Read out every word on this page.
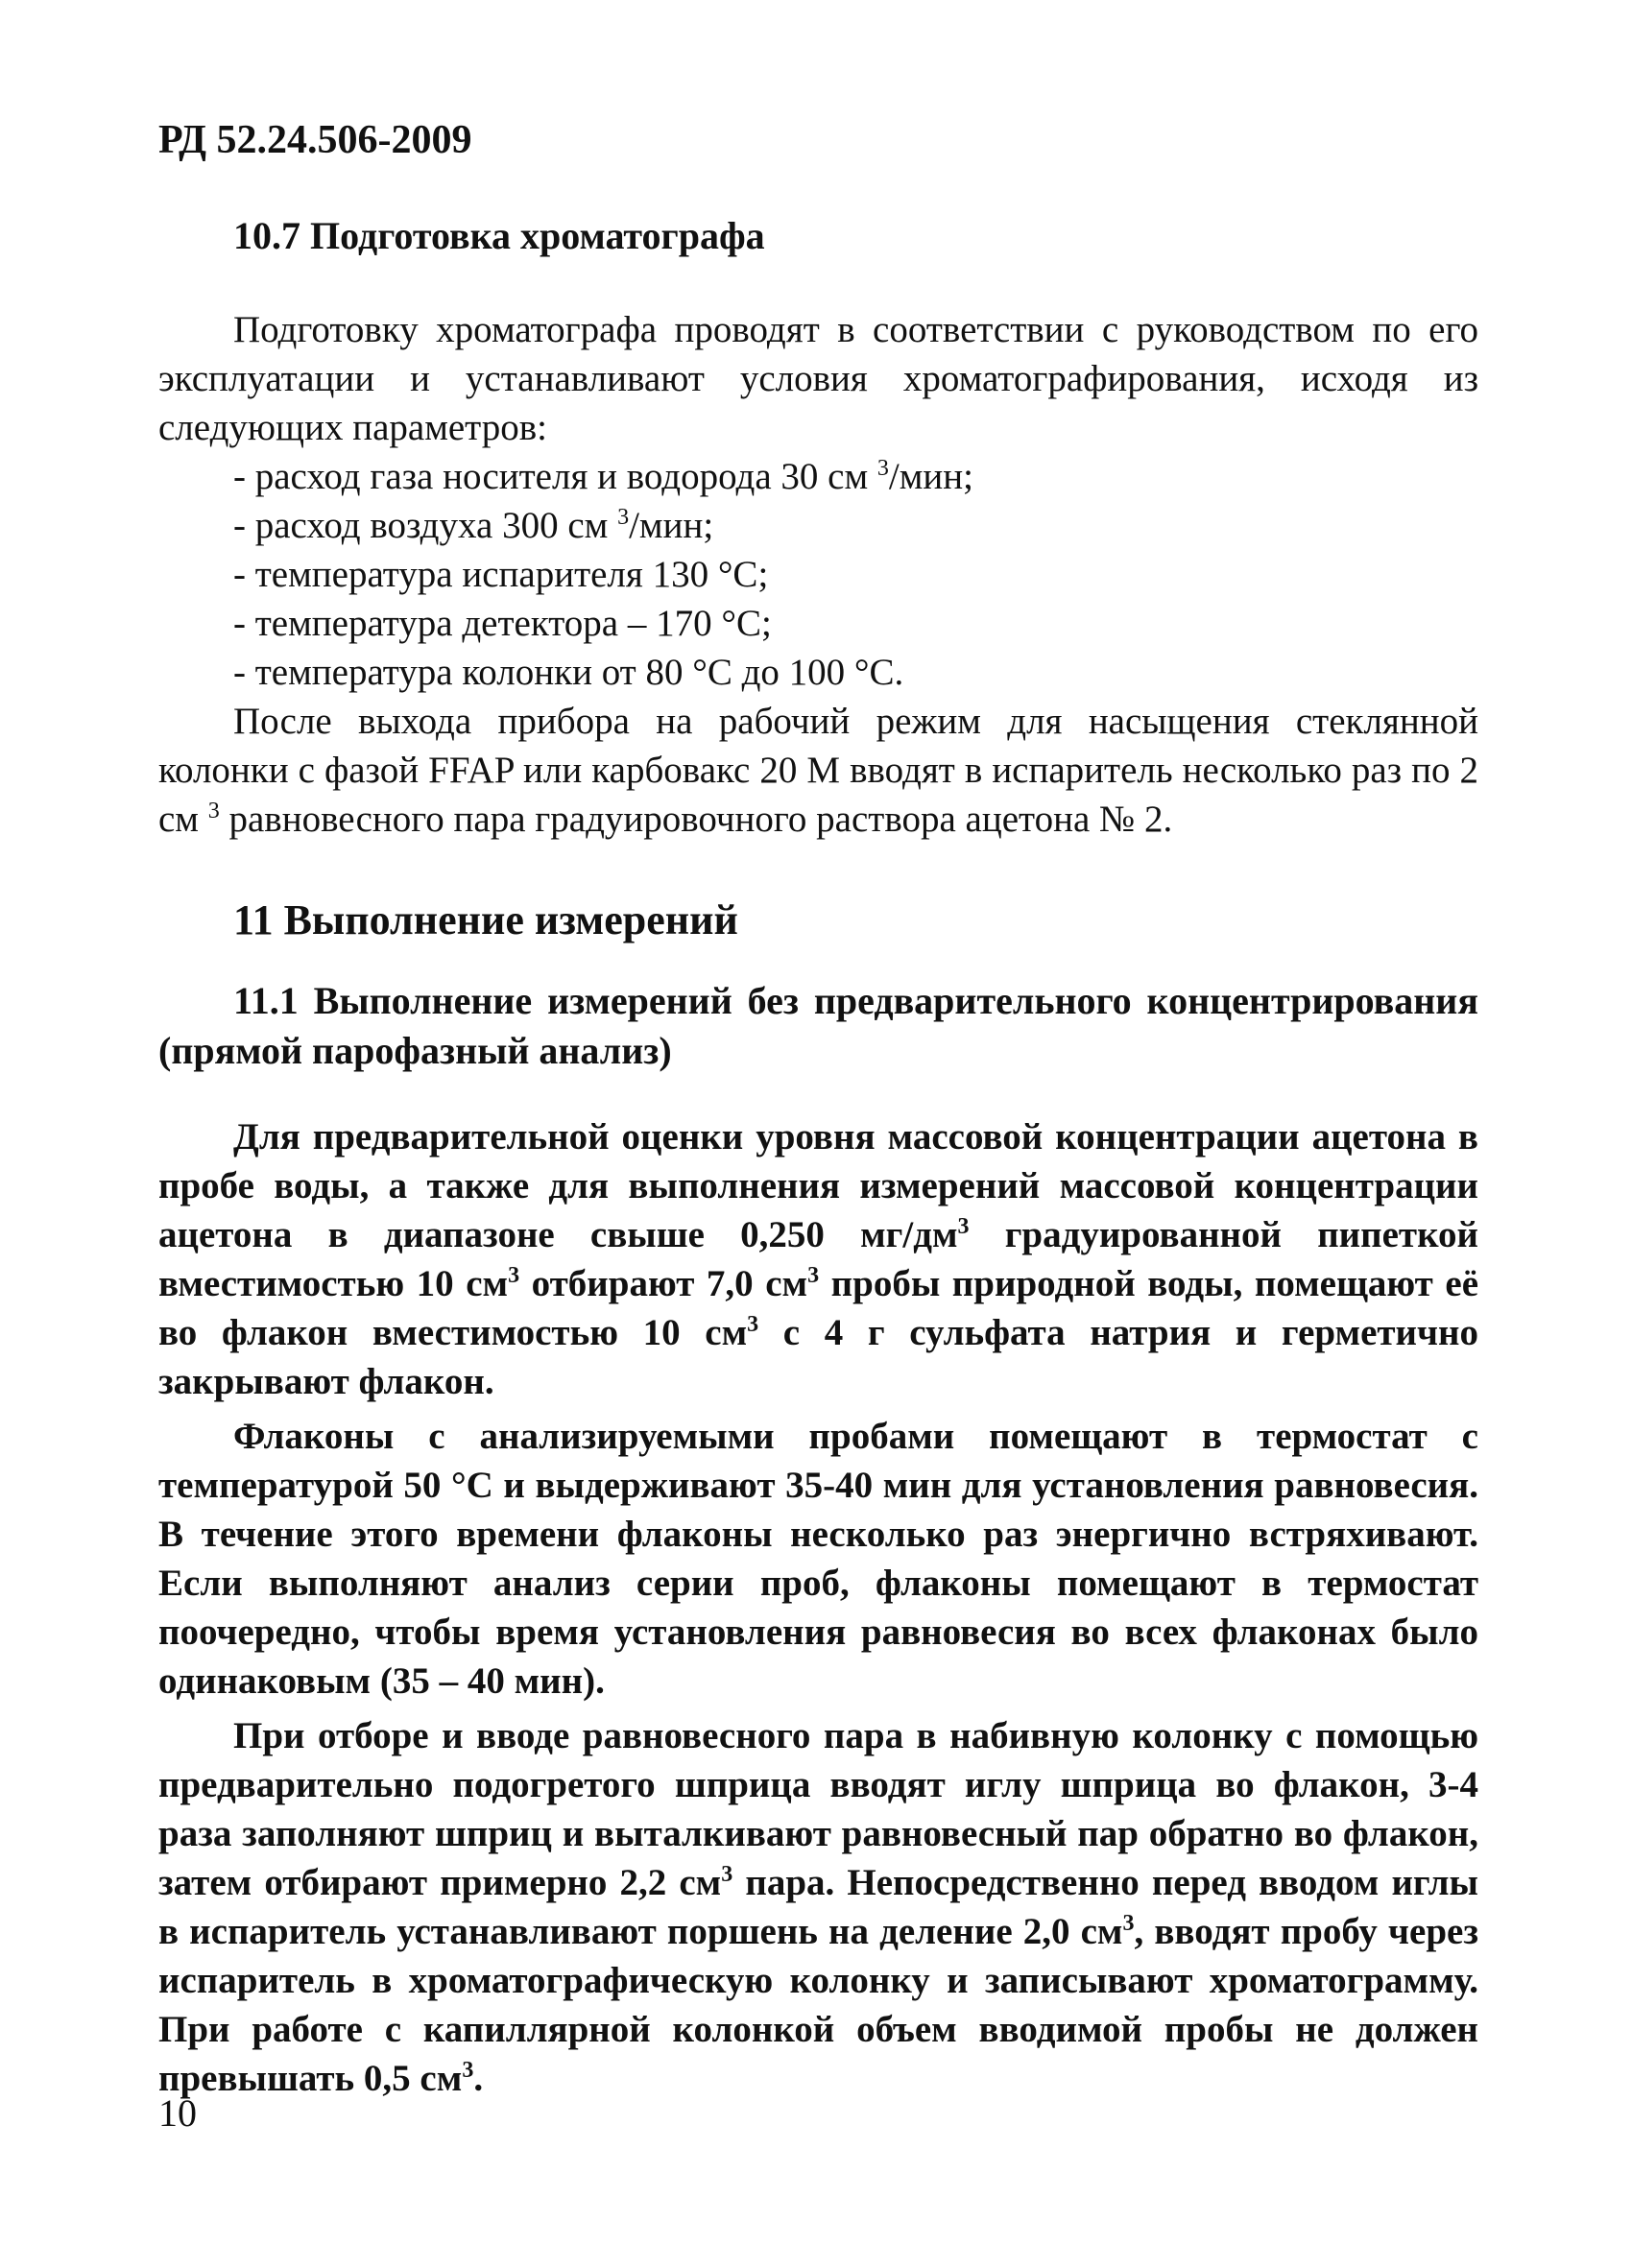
РД 52.24.506-2009

10.7 Подготовка хроматографа

Подготовку хроматографа проводят в соответствии с руководством по его эксплуатации и устанавливают условия хроматографирования, исходя из следующих параметров:

- расход газа носителя и водорода 30 см $^3$/мин;
- расход воздуха 300 см $^3$/мин;
- температура испарителя 130 °С;
- температура детектора – 170 °С;
- температура колонки от 80 °С до 100 °С.

После выхода прибора на рабочий режим для насыщения стеклянной колонки с фазой FFAP или карбовакс 20 М вводят в испаритель несколько раз по 2 см $^3$ равновесного пара градуировочного раствора ацетона № 2.

11 Выполнение измерений

11.1 Выполнение измерений без предварительного концентрирования (прямой парофазный анализ)

Для предварительной оценки уровня массовой концентрации ацетона в пробе воды, а также для выполнения измерений массовой концентрации ацетона в диапазоне свыше 0,250 $мг/дм^3$ градуированной пипеткой вместимостью 10 $см^3$ отбирают 7,0 $см^3$ пробы природной воды, помещают её во флакон вместимостью 10 $см^3$ с 4 г сульфата натрия и герметично закрывают флакон.

Флаконы с анализируемыми пробами помещают в термостат с температурой 50 °С и выдерживают 35-40 мин для установления равновесия. В течение этого времени флаконы несколько раз энергично встряхивают. Если выполняют анализ серии проб, флаконы помещают в термостат поочередно, чтобы время установления равновесия во всех флаконах было одинаковым (35 – 40 мин).

При отборе и вводе равновесного пара в набивную колонку с помощью предварительно подогретого шприца вводят иглу шприца во флакон, 3-4 раза заполняют шприц и выталкивают равновесный пар обратно во флакон, затем отбирают примерно 2,2 $см^3$ пара. Непосредственно перед вводом иглы в испаритель устанавливают поршень на деление 2,0 $см^3$, вводят пробу через испаритель в хроматографическую колонку и записывают хроматограмму. При работе с капиллярной колонкой объем вводимой пробы не должен превышать 0,5 $см^3$.

10
